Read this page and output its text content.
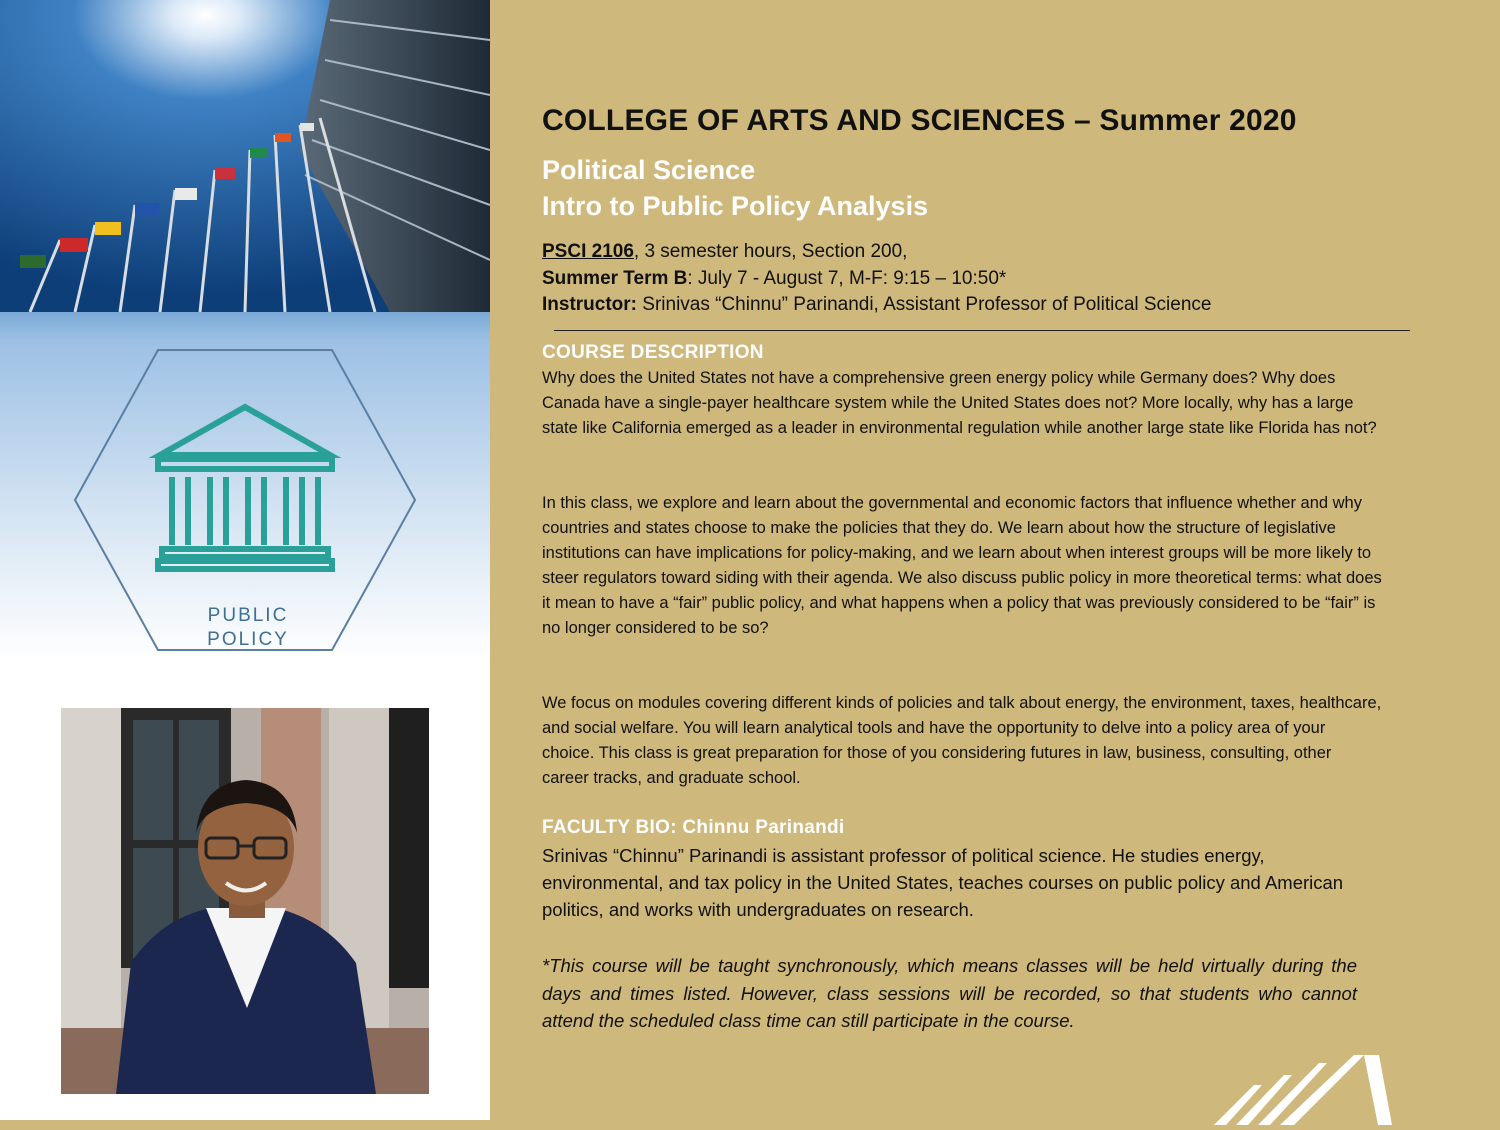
PUBLIC
POLICY
COLLEGE OF ARTS AND SCIENCES – Summer 2020
Political Science
Intro to Public Policy Analysis
PSCI 2106, 3 semester hours, Section 200,
Summer Term B: July 7 - August 7, M-F: 9:15 – 10:50*
Instructor: Srinivas “Chinnu” Parinandi, Assistant Professor of Political Science
COURSE DESCRIPTION
Why does the United States not have a comprehensive green energy policy while Germany does? Why does Canada have a single-payer healthcare system while the United States does not? More locally, why has a large state like California emerged as a leader in environmental regulation while another large state like Florida has not?
In this class, we explore and learn about the governmental and economic factors that influence whether and why countries and states choose to make the policies that they do. We learn about how the structure of legislative institutions can have implications for policy-making, and we learn about when interest groups will be more likely to steer regulators toward siding with their agenda. We also discuss public policy in more theoretical terms: what does it mean to have a “fair” public policy, and what happens when a policy that was previously considered to be “fair” is no longer considered to be so?
We focus on modules covering different kinds of policies and talk about energy, the environment, taxes, healthcare, and social welfare. You will learn analytical tools and have the opportunity to delve into a policy area of your choice. This class is great preparation for those of you considering futures in law, business, consulting, other career tracks, and graduate school.
FACULTY BIO: Chinnu Parinandi
Srinivas “Chinnu” Parinandi is assistant professor of political science. He studies energy, environmental, and tax policy in the United States, teaches courses on public policy and American politics, and works with undergraduates on research.
*This course will be taught synchronously, which means classes will be held virtually during the days and times listed. However, class sessions will be recorded, so that students who cannot attend the scheduled class time can still participate in the course.
